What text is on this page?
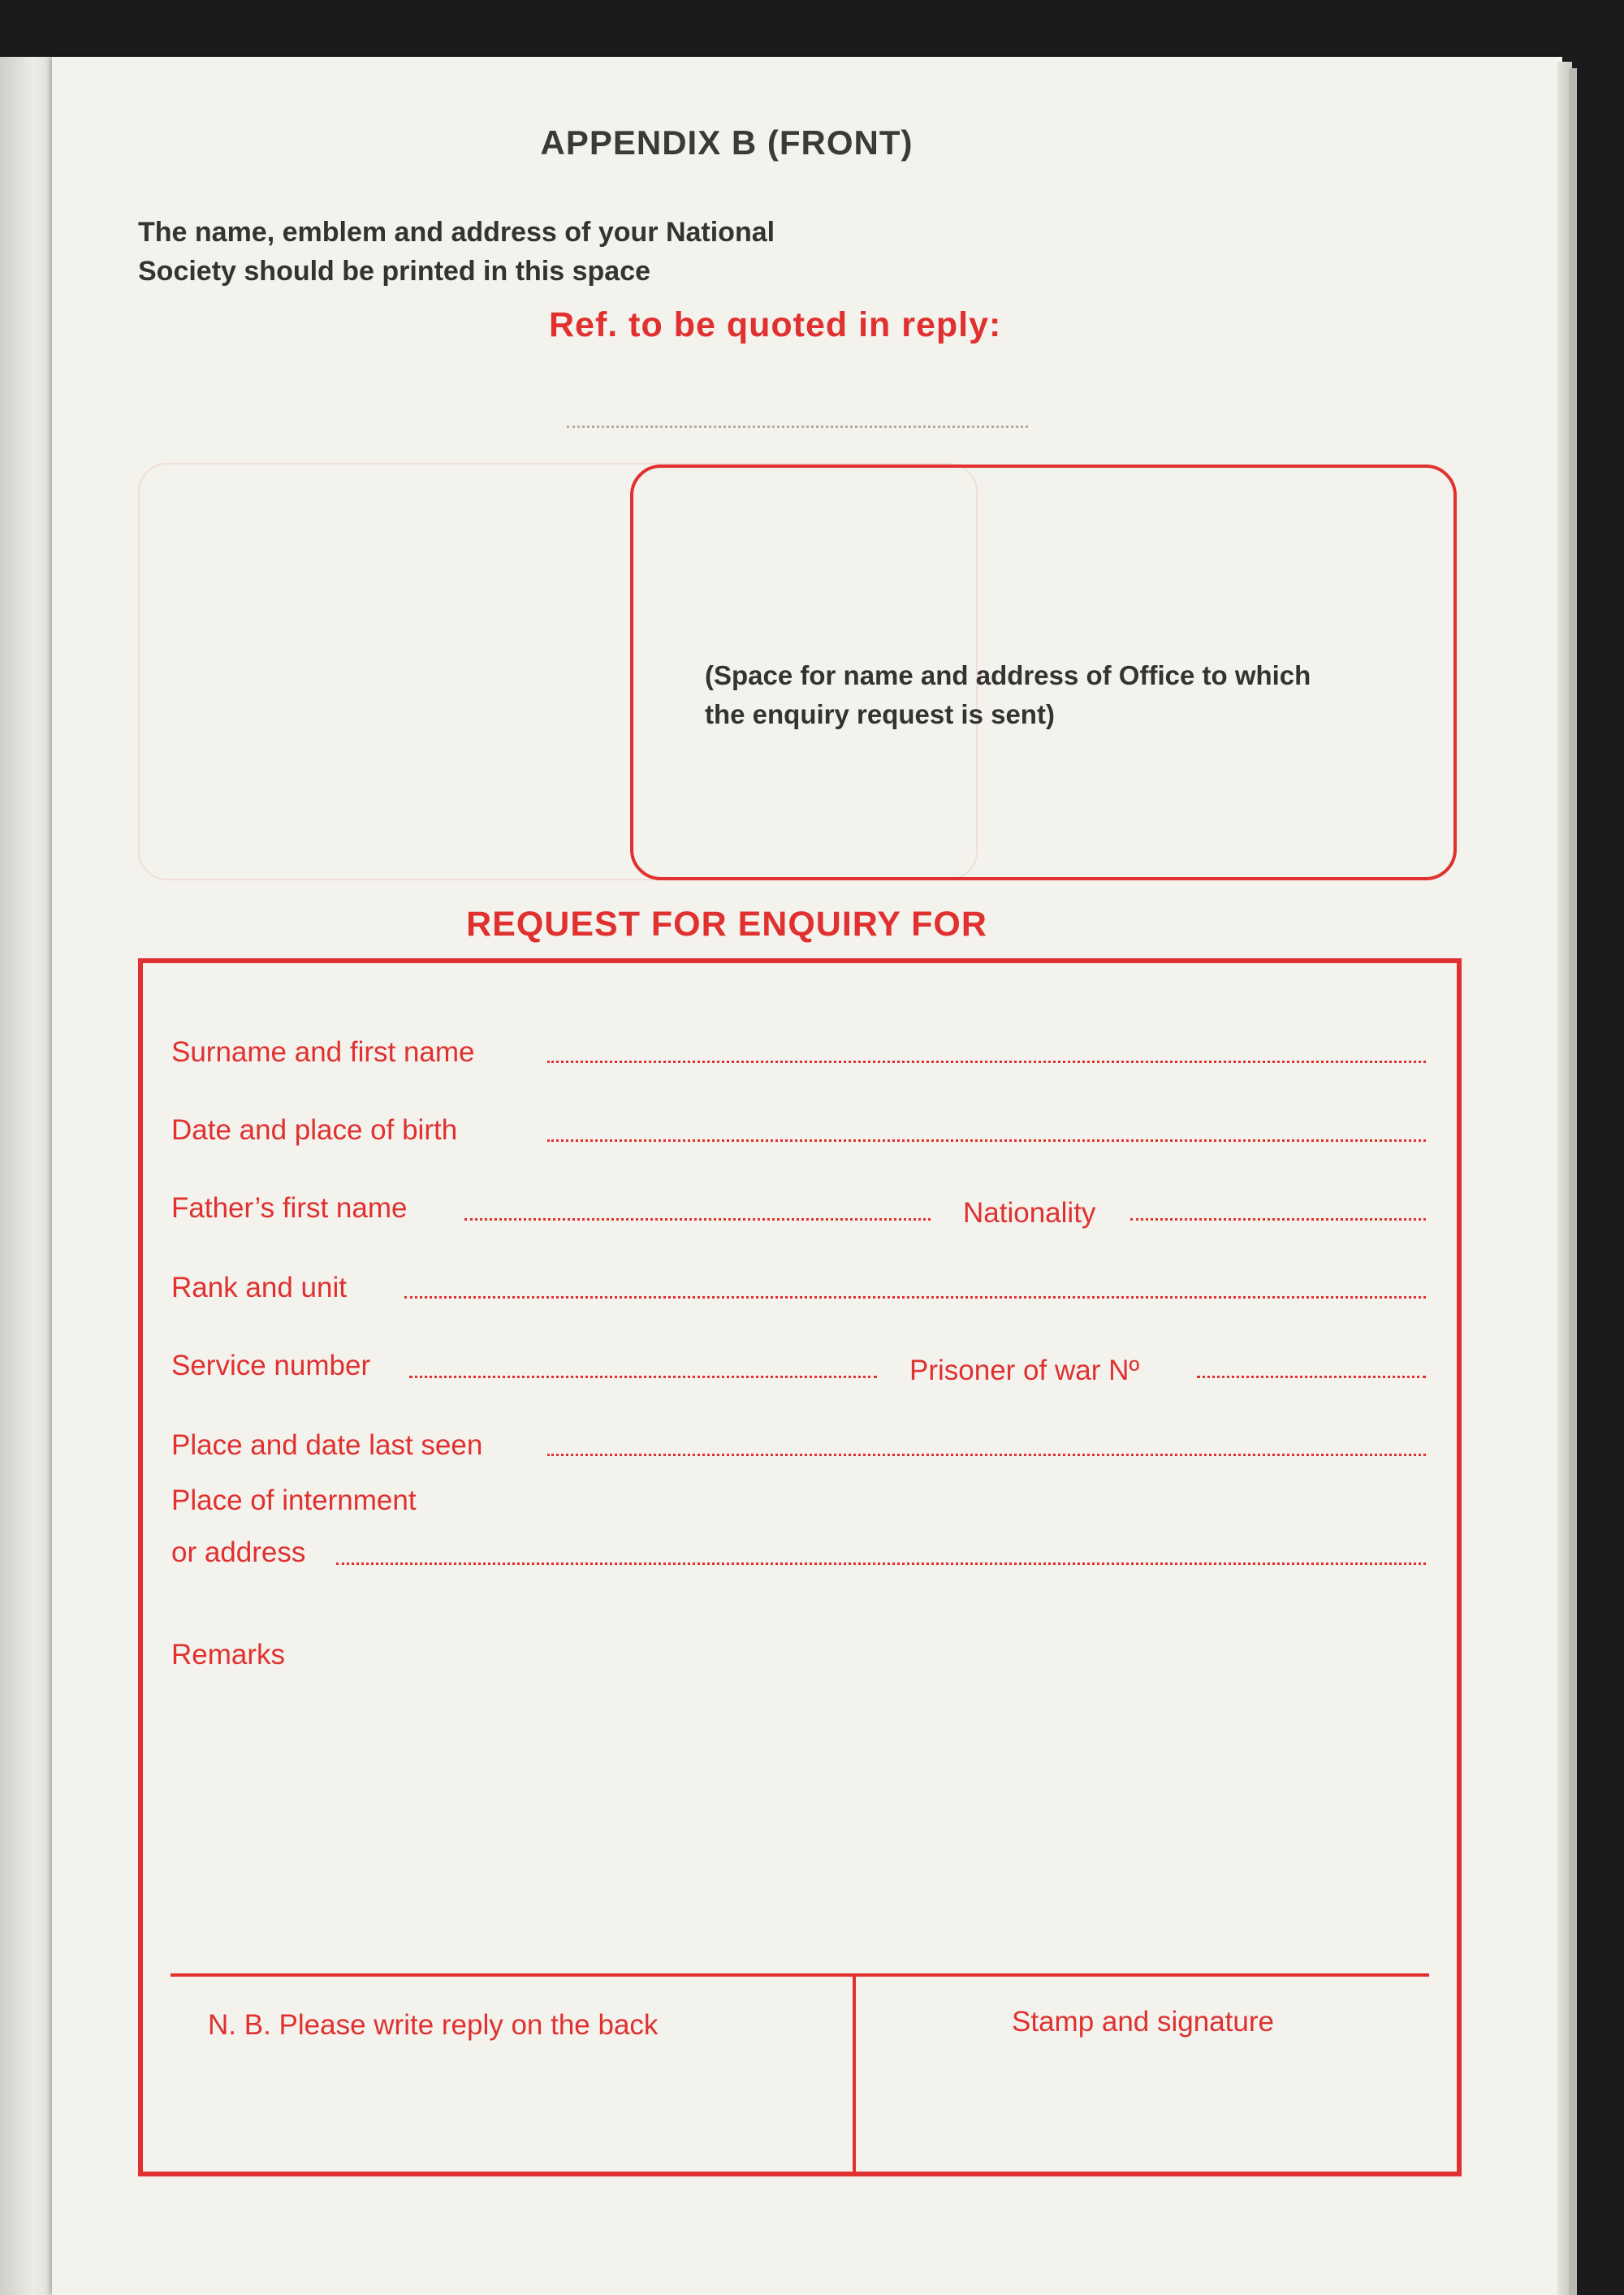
APPENDIX B (FRONT)
The name, emblem and address of your National
Society should be printed in this space
Ref. to be quoted in reply:
(Space for name and address of Office to which
the enquiry request is sent)
REQUEST FOR ENQUIRY FOR
Surname and first name
Date and place of birth
Father’s first name	Nationality
Rank and unit
Service number	Prisoner of war Nº
Place and date last seen
Place of internment
or address
Remarks
N. B. Please write reply on the back	Stamp and signature
